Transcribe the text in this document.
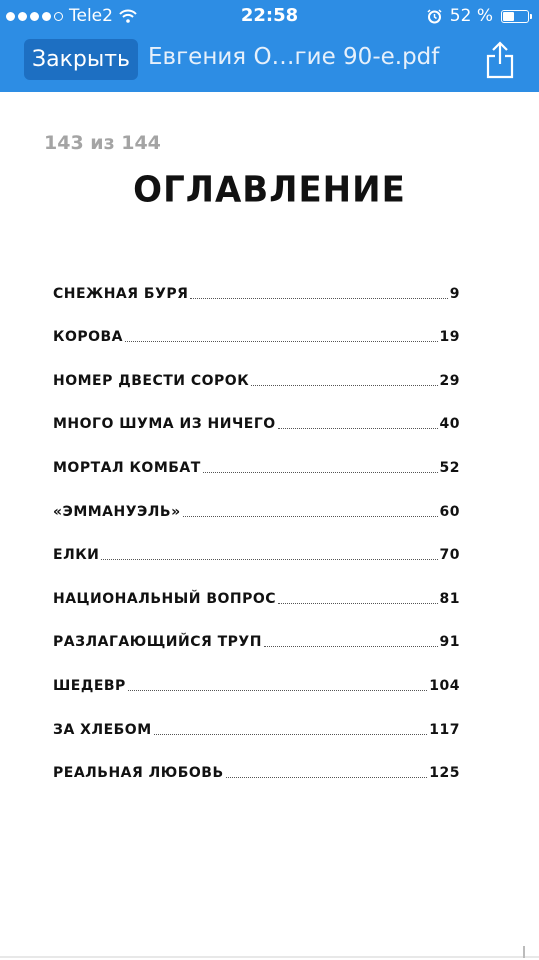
Tele2	22:58	52 %
Закрыть Евгения О…гие 90-е.pdf
143 из 144
ОГЛАВЛЕНИЕ
СНЕЖНАЯ БУРЯ	9
КОРОВА	19
НОМЕР ДВЕСТИ СОРОК	29
МНОГО ШУМА ИЗ НИЧЕГО	40
МОРТАЛ КОМБАТ	52
«ЭММАНУЭЛЬ»	60
ЕЛКИ	70
НАЦИОНАЛЬНЫЙ ВОПРОС	81
РАЗЛАГАЮЩИЙСЯ ТРУП	91
ШЕДЕВР	104
ЗА ХЛЕБОМ	117
РЕАЛЬНАЯ ЛЮБОВЬ	125
